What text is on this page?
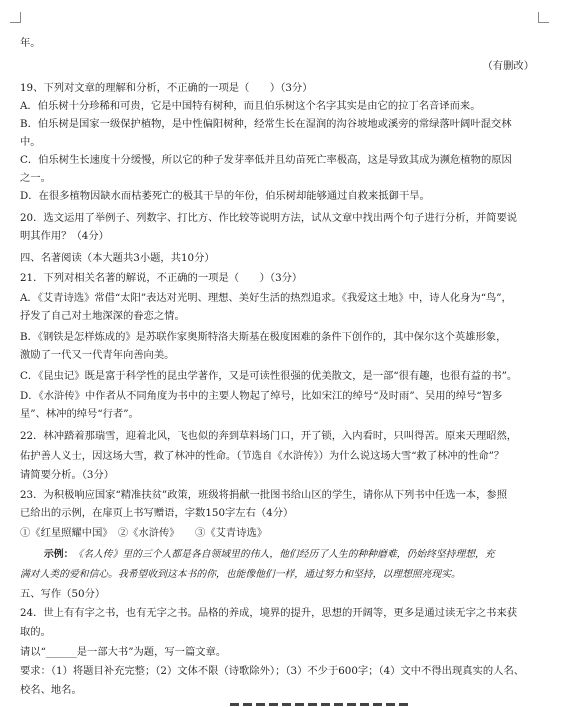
年。
（有删改）
19、下列对文章的理解和分析，不正确的一项是（　　）（3分）
A．伯乐树十分珍稀和可贵，它是中国特有树种，而且伯乐树这个名字其实是由它的拉丁名音译而来。
B．伯乐树是国家一级保护植物，是中性偏阳树种，经常生长在湿润的沟谷坡地或溪旁的常绿落叶阔叶混交林
中。
C．伯乐树生长速度十分缓慢，所以它的种子发芽率低并且幼苗死亡率极高，这是导致其成为濒危植物的原因
之一。
D．在很多植物因缺水而枯萎死亡的极其干旱的年份，伯乐树却能够通过自救来抵御干旱。
20．选文运用了举例子、列数字、打比方、作比较等说明方法，试从文章中找出两个句子进行分析，并简要说
明其作用？（4分）
四、名著阅读（本大题共3小题，共10分）
21．下列对相关名著的解说，不正确的一项是（　　）（3分）
A．《艾青诗选》常借“太阳”表达对光明、理想、美好生活的热烈追求。《我爱这土地》中，诗人化身为“鸟”，
抒发了自己对土地深深的眷恋之情。
B．《钢铁是怎样炼成的》是苏联作家奥斯特洛夫斯基在极度困难的条件下创作的，其中保尔这个英雄形象，
激励了一代又一代青年向善向美。
C．《昆虫记》既是富于科学性的昆虫学著作，又是可读性很强的优美散文，是一部“很有趣，也很有益的书”。
D．《水浒传》中作者从不同角度为书中的主要人物起了绰号，比如宋江的绰号“及时雨”、吴用的绰号“智多
星”、林冲的绰号“行者”。
22．林冲踏着那瑞雪，迎着北风，飞也似的奔到草料场门口，开了锁，入内看时，只叫得苦。原来天理昭然，
佑护善人义士，因这场大雪，救了林冲的性命。（节选自《水浒传》）为什么说这场大雪“救了林冲的性命”？
请简要分析。（3分）
23．为积极响应国家“精准扶贫”政策，班级将捐献一批图书给山区的学生，请你从下列书中任选一本，参照
已给出的示例，在扉页上书写赠语，字数150字左右（4分）
①《红星照耀中国》　②《水浒传》　　③《艾青诗选》
示例：《名人传》里的三个人都是各自领域里的伟人，他们经历了人生的种种磨难，仍始终坚持理想，充
满对人类的爱和信心。我希望收到这本书的你，也能像他们一样，通过努力和坚持，以理想照亮现实。
五、写作（50分）
24．世上有有字之书，也有无字之书。品格的养成，境界的提升，思想的开阔等，更多是通过读无字之书来获
取的。
请以“______是一部大书”为题，写一篇文章。
要求：（1）将题目补充完整；（2）文体不限（诗歌除外）；（3）不少于600字；（4）文中不得出现真实的人名、
校名、地名。
